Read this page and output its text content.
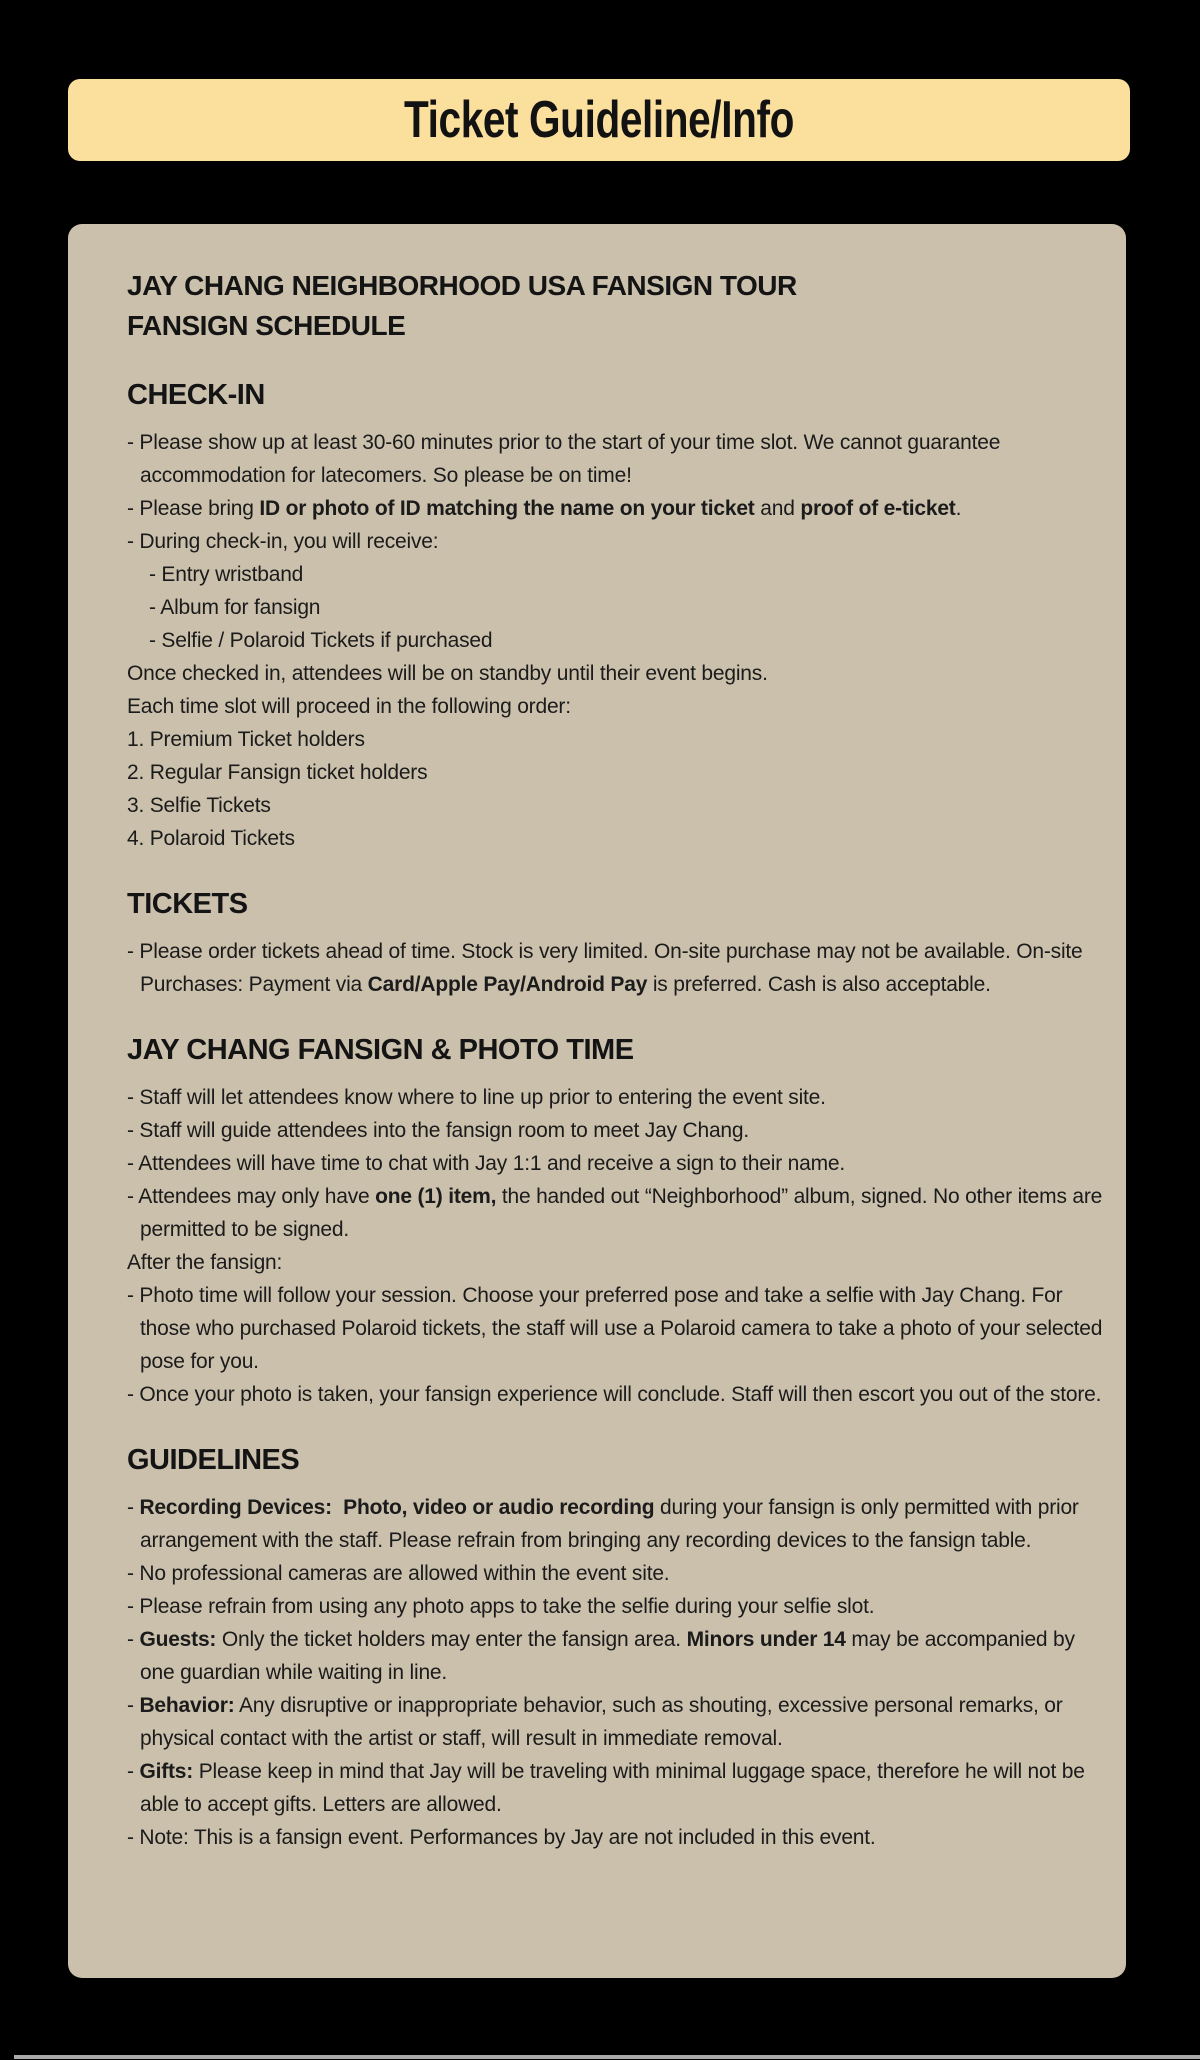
Ticket Guideline/Info
JAY CHANG NEIGHBORHOOD USA FANSIGN TOUR
FANSIGN SCHEDULE
CHECK-IN
- Please show up at least 30-60 minutes prior to the start of your time slot. We cannot guarantee accommodation for latecomers. So please be on time!
- Please bring ID or photo of ID matching the name on your ticket and proof of e-ticket.
- During check-in, you will receive:
- Entry wristband
- Album for fansign
- Selfie / Polaroid Tickets if purchased
Once checked in, attendees will be on standby until their event begins.
Each time slot will proceed in the following order:
1. Premium Ticket holders
2. Regular Fansign ticket holders
3. Selfie Tickets
4. Polaroid Tickets
TICKETS
- Please order tickets ahead of time. Stock is very limited. On-site purchase may not be available. On-site Purchases: Payment via Card/Apple Pay/Android Pay is preferred. Cash is also acceptable.
JAY CHANG FANSIGN & PHOTO TIME
- Staff will let attendees know where to line up prior to entering the event site.
- Staff will guide attendees into the fansign room to meet Jay Chang.
- Attendees will have time to chat with Jay 1:1 and receive a sign to their name.
- Attendees may only have one (1) item, the handed out “Neighborhood” album, signed. No other items are permitted to be signed.
After the fansign:
- Photo time will follow your session. Choose your preferred pose and take a selfie with Jay Chang. For those who purchased Polaroid tickets, the staff will use a Polaroid camera to take a photo of your selected pose for you.
- Once your photo is taken, your fansign experience will conclude. Staff will then escort you out of the store.
GUIDELINES
- Recording Devices:  Photo, video or audio recording during your fansign is only permitted with prior arrangement with the staff. Please refrain from bringing any recording devices to the fansign table.
- No professional cameras are allowed within the event site.
- Please refrain from using any photo apps to take the selfie during your selfie slot.
- Guests: Only the ticket holders may enter the fansign area. Minors under 14 may be accompanied by one guardian while waiting in line.
- Behavior: Any disruptive or inappropriate behavior, such as shouting, excessive personal remarks, or physical contact with the artist or staff, will result in immediate removal.
- Gifts: Please keep in mind that Jay will be traveling with minimal luggage space, therefore he will not be able to accept gifts. Letters are allowed.
- Note: This is a fansign event. Performances by Jay are not included in this event.
